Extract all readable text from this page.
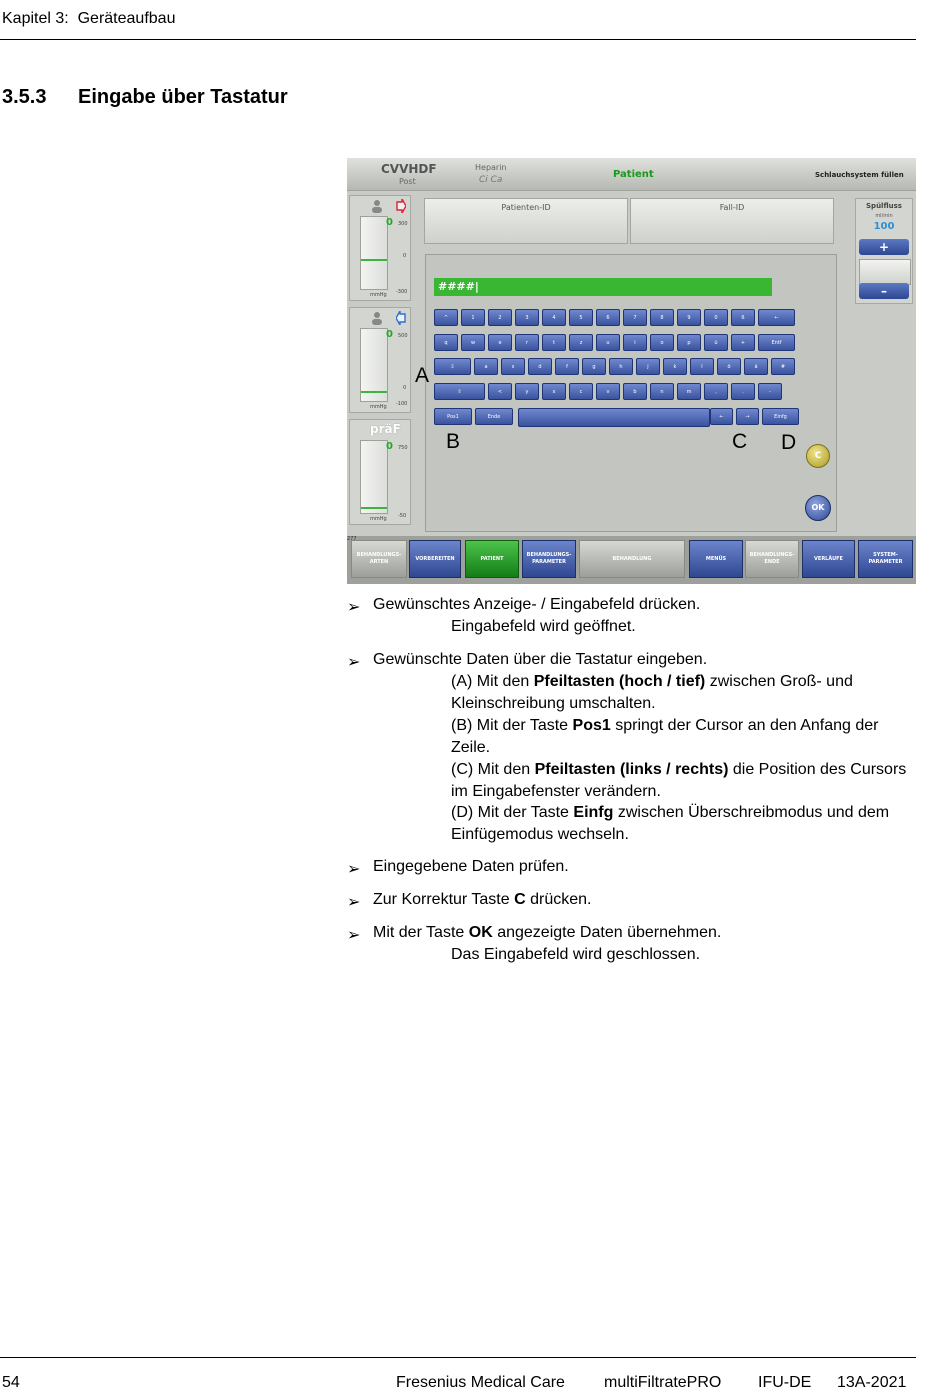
Kapitel 3: Geräteaufbau
3.5.3 Eingabe über Tastatur
CVVHDF
Post
Heparin
Ci Ca	Patient	Schlauchsystem füllen
0 300
0
-300
mmHg
0 500
0
-100
mmHg
präF
0 750
-50
mmHg
Patienten-ID	Fall-ID	Spülfluss
ml/min
100
+
–
####|
^	1	2	3	4	5	6	7	8	9	0	ß	←
q	w	e	r	t	z	u	i	o	p	ü	+	Entf
⇩	a	s	d	f	g	h	j	k	l	ö	ä	#
⇧	<	y	x	c	v	b	n	m	,	.	-
Pos1	Ende	←	→	Einfg
A
B	C D
C
OK
BEHANDLUNGS-ARTEN
VORBEREITEN	PATIENT
BEHANDLUNGS-PARAMETER
BEHANDLUNG	MENÜS
BEHANDLUNGS-ENDE
VERLÄUFE
SYSTEM-PARAMETER
277
➢ Gewünschtes Anzeige- / Eingabefeld drücken.
Eingabefeld wird geöffnet.
➢ Gewünschte Daten über die Tastatur eingeben.
(A) Mit den Pfeiltasten (hoch / tief) zwischen Groß- und Kleinschreibung umschalten.
(B) Mit der Taste Pos1 springt der Cursor an den Anfang der Zeile.
(C) Mit den Pfeiltasten (links / rechts) die Position des Cursors im Eingabefenster verändern.
(D) Mit der Taste Einfg zwischen Überschreibmodus und dem Einfügemodus wechseln.
➢ Eingegebene Daten prüfen.
➢ Zur Korrektur Taste C drücken.
➢ Mit der Taste OK angezeigte Daten übernehmen.
Das Eingabefeld wird geschlossen.
54	Fresenius Medical Care multiFiltratePRO IFU-DE 13A-2021
